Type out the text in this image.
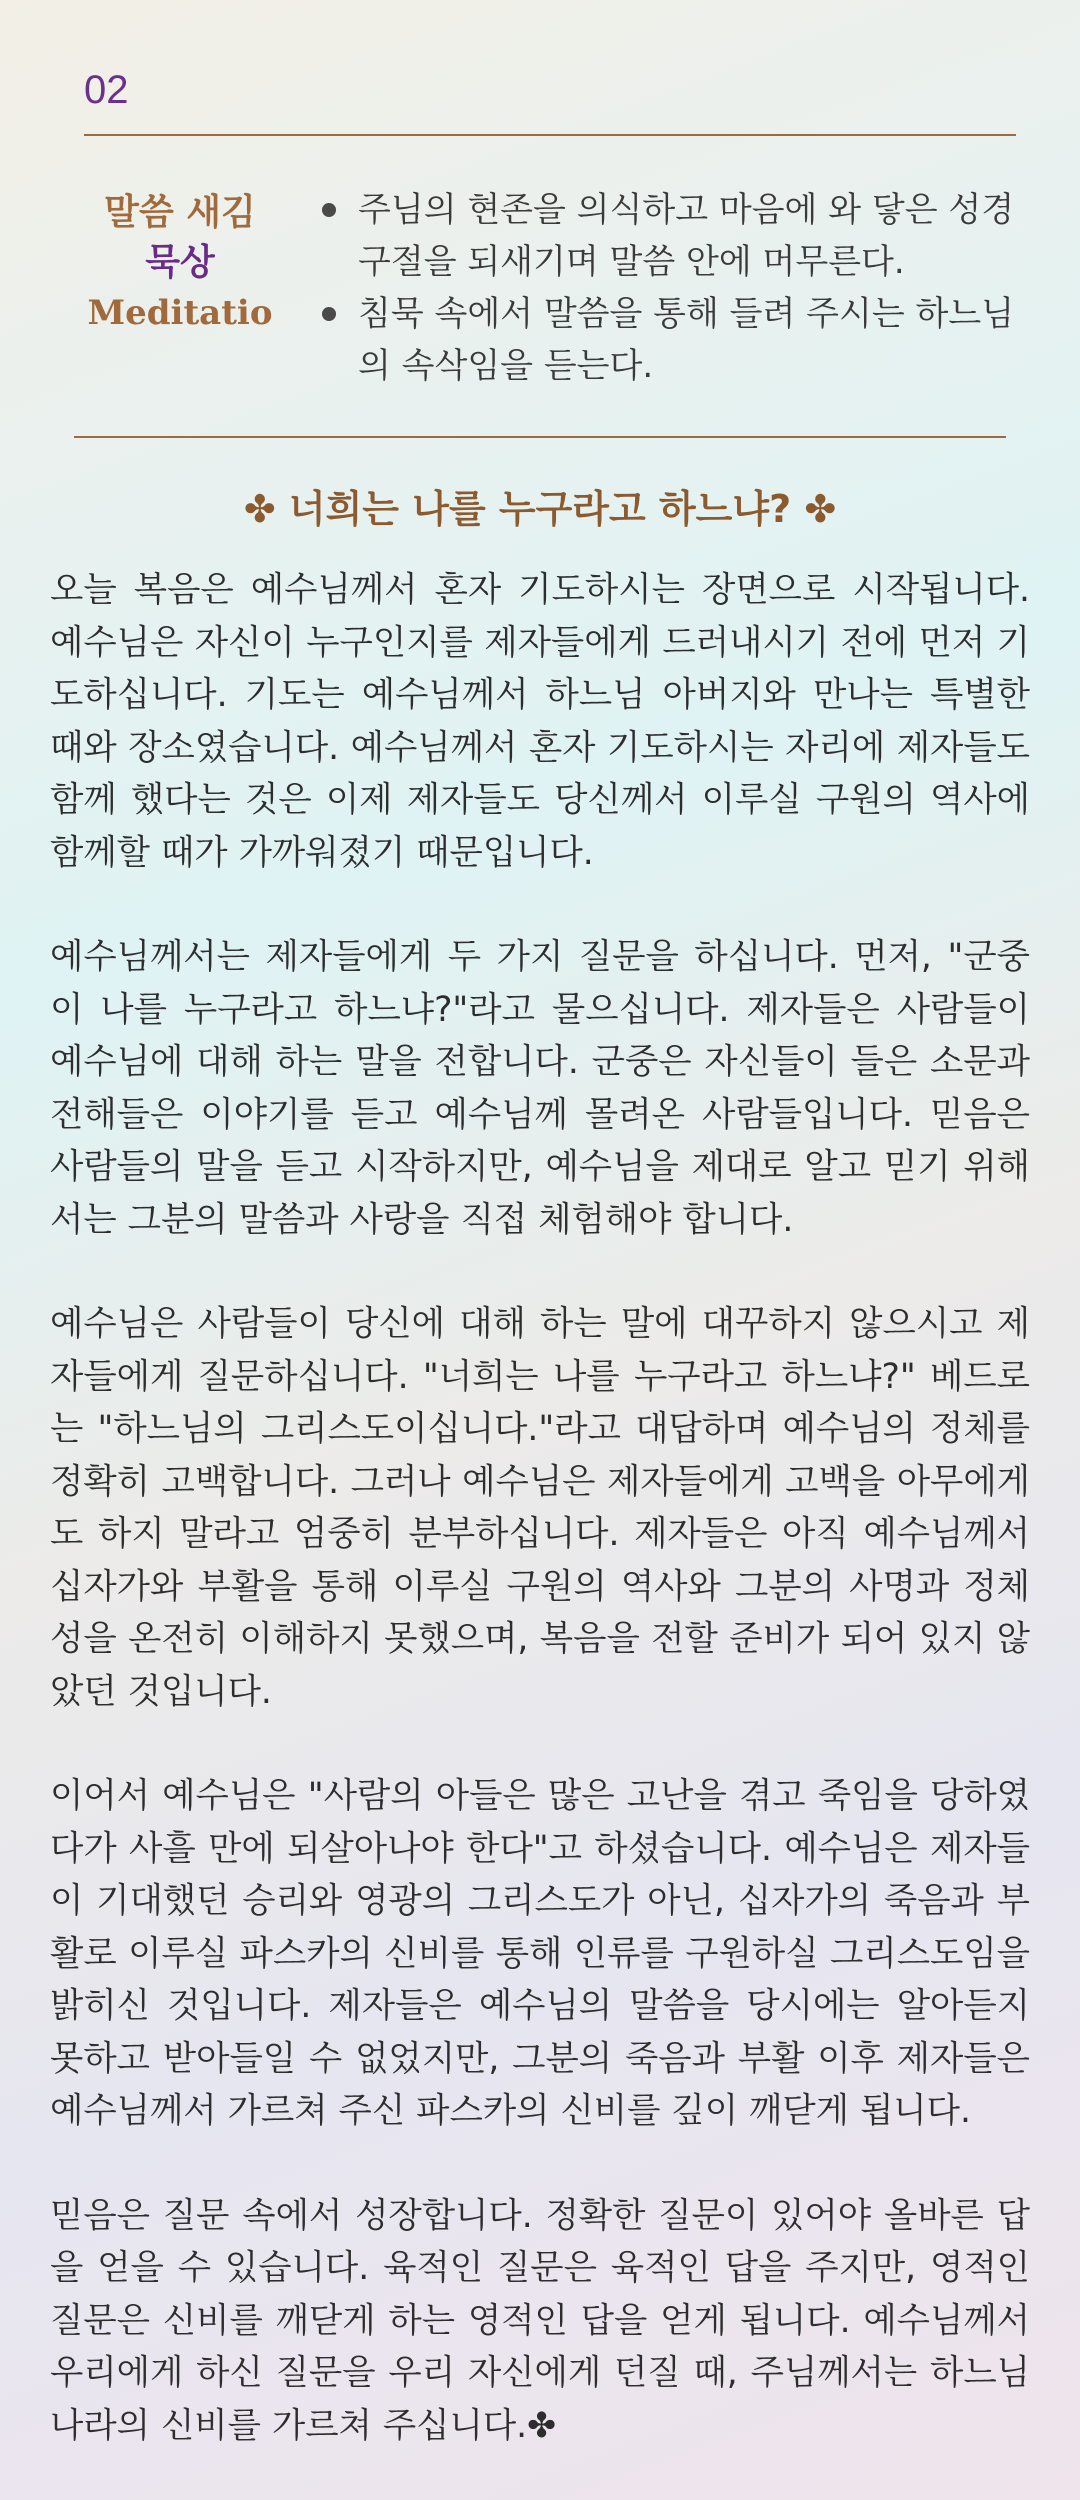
02
말씀 새김
묵상
Meditatio
주님의 현존을 의식하고 마음에 와 닿은 성경구절을 되새기며 말씀 안에 머무른다.
침묵 속에서 말씀을 통해 들려 주시는 하느님의 속삭임을 듣는다.
✤ 너희는 나를 누구라고 하느냐? ✤

오늘 복음은 예수님께서 혼자 기도하시는 장면으로 시작됩니다. 예수님은 자신이 누구인지를 제자들에게 드러내시기 전에 먼저 기도하십니다. 기도는 예수님께서 하느님 아버지와 만나는 특별한 때와 장소였습니다. 예수님께서 혼자 기도하시는 자리에 제자들도 함께 했다는 것은 이제 제자들도 당신께서 이루실 구원의 역사에 함께할 때가 가까워졌기 때문입니다.

예수님께서는 제자들에게 두 가지 질문을 하십니다. 먼저, "군중이 나를 누구라고 하느냐?"라고 물으십니다. 제자들은 사람들이 예수님에 대해 하는 말을 전합니다. 군중은 자신들이 들은 소문과 전해들은 이야기를 듣고 예수님께 몰려온 사람들입니다. 믿음은 사람들의 말을 듣고 시작하지만, 예수님을 제대로 알고 믿기 위해서는 그분의 말씀과 사랑을 직접 체험해야 합니다.

예수님은 사람들이 당신에 대해 하는 말에 대꾸하지 않으시고 제자들에게 질문하십니다. "너희는 나를 누구라고 하느냐?" 베드로는 "하느님의 그리스도이십니다."라고 대답하며 예수님의 정체를 정확히 고백합니다. 그러나 예수님은 제자들에게 고백을 아무에게도 하지 말라고 엄중히 분부하십니다. 제자들은 아직 예수님께서 십자가와 부활을 통해 이루실 구원의 역사와 그분의 사명과 정체성을 온전히 이해하지 못했으며, 복음을 전할 준비가 되어 있지 않았던 것입니다.

이어서 예수님은 "사람의 아들은 많은 고난을 겪고 죽임을 당하였다가 사흘 만에 되살아나야 한다"고 하셨습니다. 예수님은 제자들이 기대했던 승리와 영광의 그리스도가 아닌, 십자가의 죽음과 부활로 이루실 파스카의 신비를 통해 인류를 구원하실 그리스도임을 밝히신 것입니다. 제자들은 예수님의 말씀을 당시에는 알아듣지 못하고 받아들일 수 없었지만, 그분의 죽음과 부활 이후 제자들은 예수님께서 가르쳐 주신 파스카의 신비를 깊이 깨닫게 됩니다.

믿음은 질문 속에서 성장합니다. 정확한 질문이 있어야 올바른 답을 얻을 수 있습니다. 육적인 질문은 육적인 답을 주지만, 영적인 질문은 신비를 깨닫게 하는 영적인 답을 얻게 됩니다. 예수님께서 우리에게 하신 질문을 우리 자신에게 던질 때, 주님께서는 하느님 나라의 신비를 가르쳐 주십니다.✤
